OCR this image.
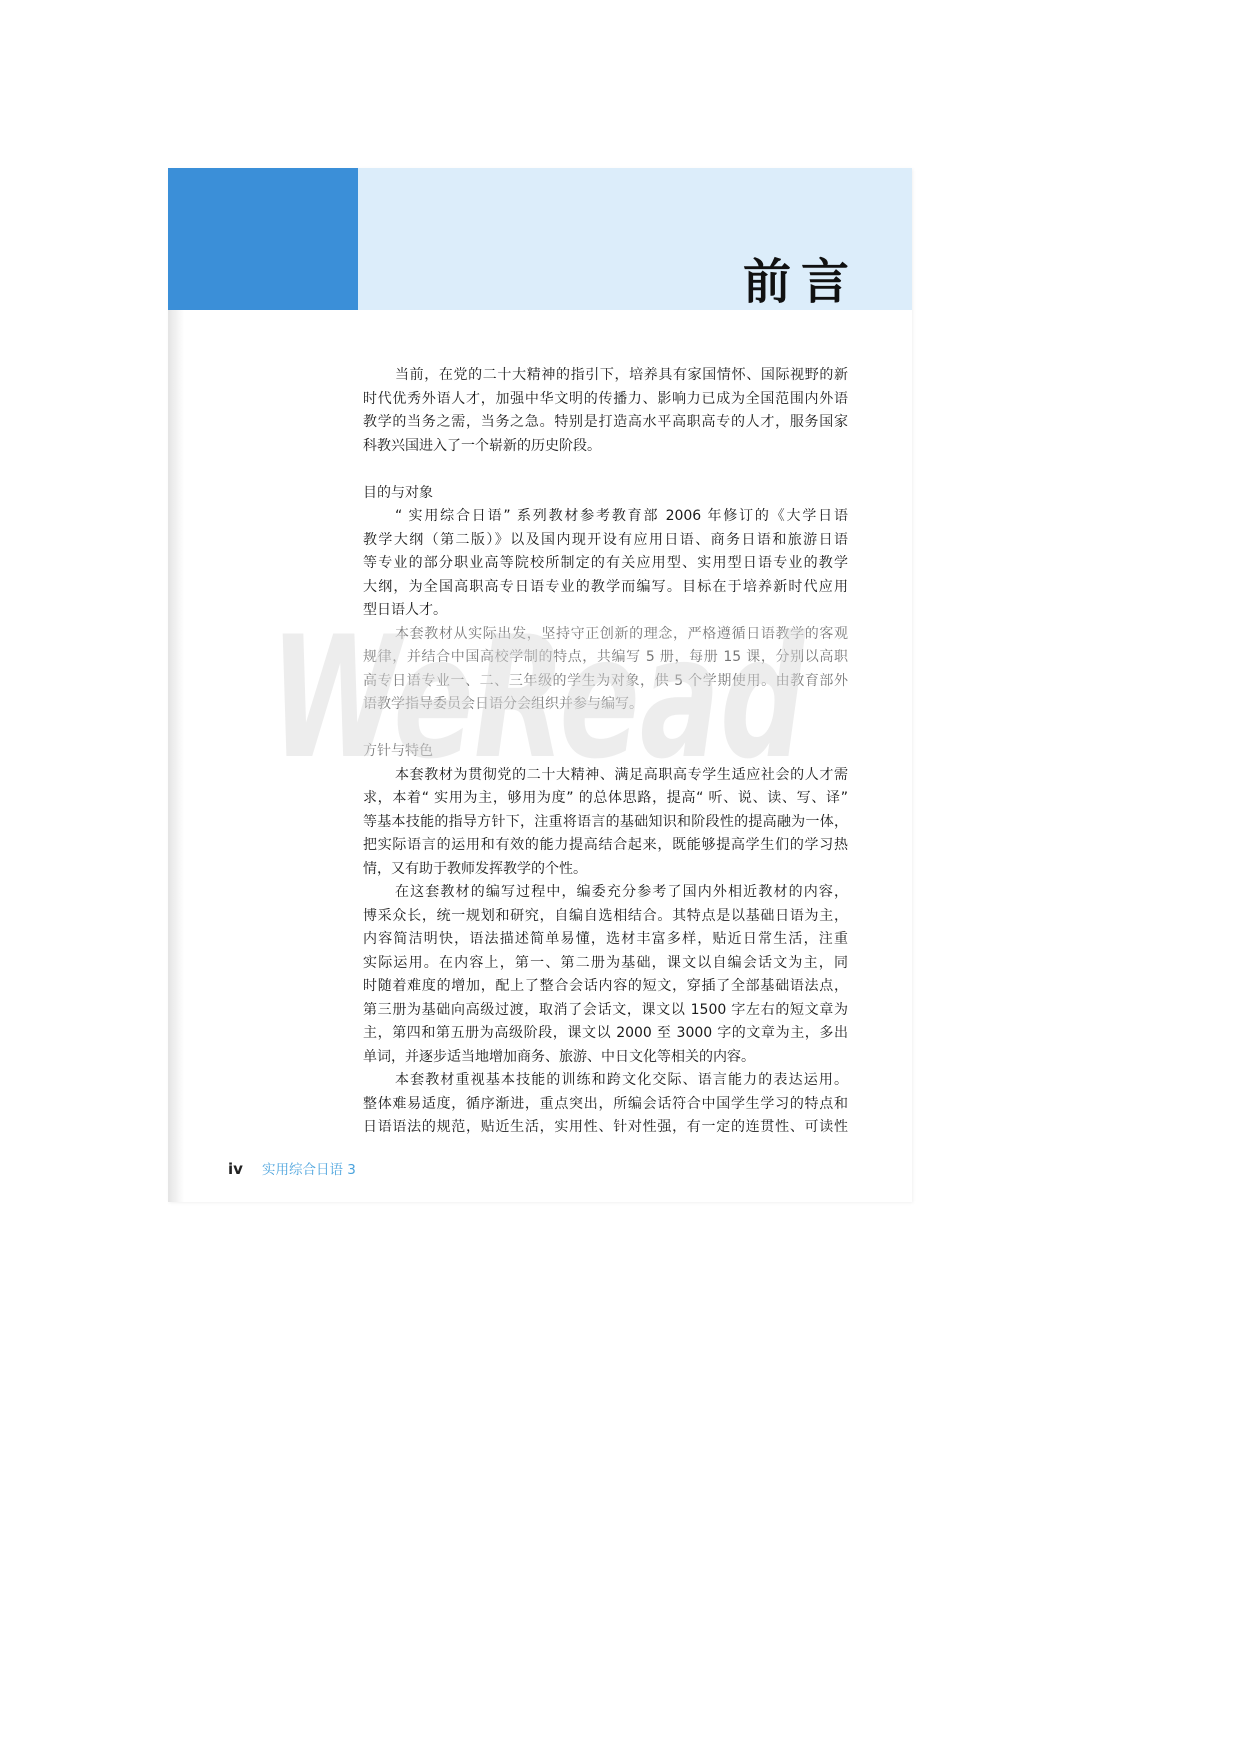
前言
当前，在党的二十大精神的指引下，培养具有家国情怀、国际视野的新
时代优秀外语人才，加强中华文明的传播力、影响力已成为全国范围内外语
教学的当务之需，当务之急。特别是打造高水平高职高专的人才，服务国家
科教兴国进入了一个崭新的历史阶段。
目的与对象
“ 实用综合日语” 系列教材参考教育部 2006 年修订的《大学日语
教学大纲（第二版）》以及国内现开设有应用日语、商务日语和旅游日语
等专业的部分职业高等院校所制定的有关应用型、实用型日语专业的教学
大纲，为全国高职高专日语专业的教学而编写。目标在于培养新时代应用
型日语人才。
本套教材从实际出发，坚持守正创新的理念，严格遵循日语教学的客观
规律，并结合中国高校学制的特点，共编写 5 册，每册 15 课，分别以高职
高专日语专业一、二、三年级的学生为对象，供 5 个学期使用。由教育部外
语教学指导委员会日语分会组织并参与编写。
方针与特色
本套教材为贯彻党的二十大精神、满足高职高专学生适应社会的人才需
求，本着“ 实用为主，够用为度” 的总体思路，提高“ 听、说、读、写、译”
等基本技能的指导方针下，注重将语言的基础知识和阶段性的提高融为一体，
把实际语言的运用和有效的能力提高结合起来，既能够提高学生们的学习热
情，又有助于教师发挥教学的个性。
在这套教材的编写过程中，编委充分参考了国内外相近教材的内容，
博采众长，统一规划和研究，自编自选相结合。其特点是以基础日语为主，
内容简洁明快，语法描述简单易懂，选材丰富多样，贴近日常生活，注重
实际运用。在内容上，第一、第二册为基础，课文以自编会话文为主，同
时随着难度的增加，配上了整合会话内容的短文，穿插了全部基础语法点，
第三册为基础向高级过渡，取消了会话文，课文以 1500 字左右的短文章为
主，第四和第五册为高级阶段，课文以 2000 至 3000 字的文章为主，多出
单词，并逐步适当地增加商务、旅游、中日文化等相关的内容。
本套教材重视基本技能的训练和跨文化交际、语言能力的表达运用。
整体难易适度，循序渐进，重点突出，所编会话符合中国学生学习的特点和
日语语法的规范，贴近生活，实用性、针对性强，有一定的连贯性、可读性
WeRead
iv 实用综合日语 3
